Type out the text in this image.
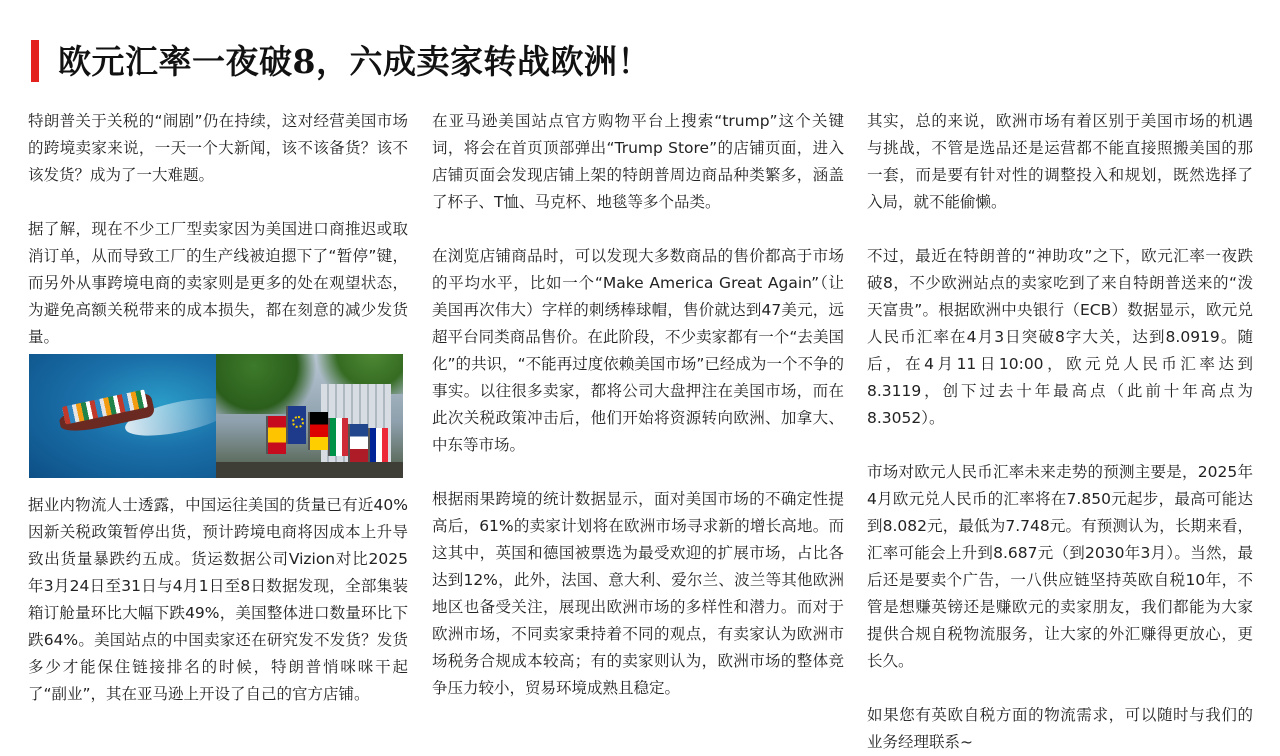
欧元汇率一夜破8，六成卖家转战欧洲！

特朗普关于关税的“闹剧”仍在持续，这对经营美国市场的跨境卖家来说，一天一个大新闻，该不该备货？该不该发货？成为了一大难题。

据了解，现在不少工厂型卖家因为美国进口商推迟或取消订单，从而导致工厂的生产线被迫摁下了“暂停”键，而另外从事跨境电商的卖家则是更多的处在观望状态，为避免高额关税带来的成本损失，都在刻意的减少发货量。

据业内物流人士透露，中国运往美国的货量已有近40%因新关税政策暂停出货，预计跨境电商将因成本上升导致出货量暴跌约五成。货运数据公司Vizion对比2025年3月24日至31日与4月1日至8日数据发现，全部集装箱订舱量环比大幅下跌49%，美国整体进口数量环比下跌64%。美国站点的中国卖家还在研究发不发货？发货多少才能保住链接排名的时候，特朗普悄咪咪干起了“副业”，其在亚马逊上开设了自己的官方店铺。

在亚马逊美国站点官方购物平台上搜索“trump”这个关键词，将会在首页顶部弹出“Trump Store”的店铺页面，进入店铺页面会发现店铺上架的特朗普周边商品种类繁多，涵盖了杯子、T恤、马克杯、地毯等多个品类。

在浏览店铺商品时，可以发现大多数商品的售价都高于市场的平均水平，比如一个“Make America Great Again”（让美国再次伟大）字样的刺绣棒球帽，售价就达到47美元，远超平台同类商品售价。在此阶段，不少卖家都有一个“去美国化”的共识，“不能再过度依赖美国市场”已经成为一个不争的事实。以往很多卖家，都将公司大盘押注在美国市场，而在此次关税政策冲击后，他们开始将资源转向欧洲、加拿大、中东等市场。

根据雨果跨境的统计数据显示，面对美国市场的不确定性提高后，61%的卖家计划将在欧洲市场寻求新的增长高地。而这其中，英国和德国被票选为最受欢迎的扩展市场，占比各达到12%，此外，法国、意大利、爱尔兰、波兰等其他欧洲地区也备受关注，展现出欧洲市场的多样性和潜力。而对于欧洲市场，不同卖家秉持着不同的观点，有卖家认为欧洲市场税务合规成本较高；有的卖家则认为，欧洲市场的整体竞争压力较小，贸易环境成熟且稳定。

其实，总的来说，欧洲市场有着区别于美国市场的机遇与挑战，不管是选品还是运营都不能直接照搬美国的那一套，而是要有针对性的调整投入和规划，既然选择了入局，就不能偷懒。

不过，最近在特朗普的“神助攻”之下，欧元汇率一夜跌破8，不少欧洲站点的卖家吃到了来自特朗普送来的“泼天富贵”。根据欧洲中央银行（ECB）数据显示，欧元兑人民币汇率在4月3日突破8字大关，达到8.0919。随后，在4月11日10:00，欧元兑人民币汇率达到8.3119，创下过去十年最高点（此前十年高点为8.3052）。

市场对欧元人民币汇率未来走势的预测主要是，2025年4月欧元兑人民币的汇率将在7.850元起步，最高可能达到8.082元，最低为7.748元。有预测认为，长期来看，汇率可能会上升到8.687元（到2030年3月）。当然，最后还是要卖个广告，一八供应链坚持英欧自税10年，不管是想赚英镑还是赚欧元的卖家朋友，我们都能为大家提供合规自税物流服务，让大家的外汇赚得更放心，更长久。

如果您有英欧自税方面的物流需求，可以随时与我们的业务经理联系~
